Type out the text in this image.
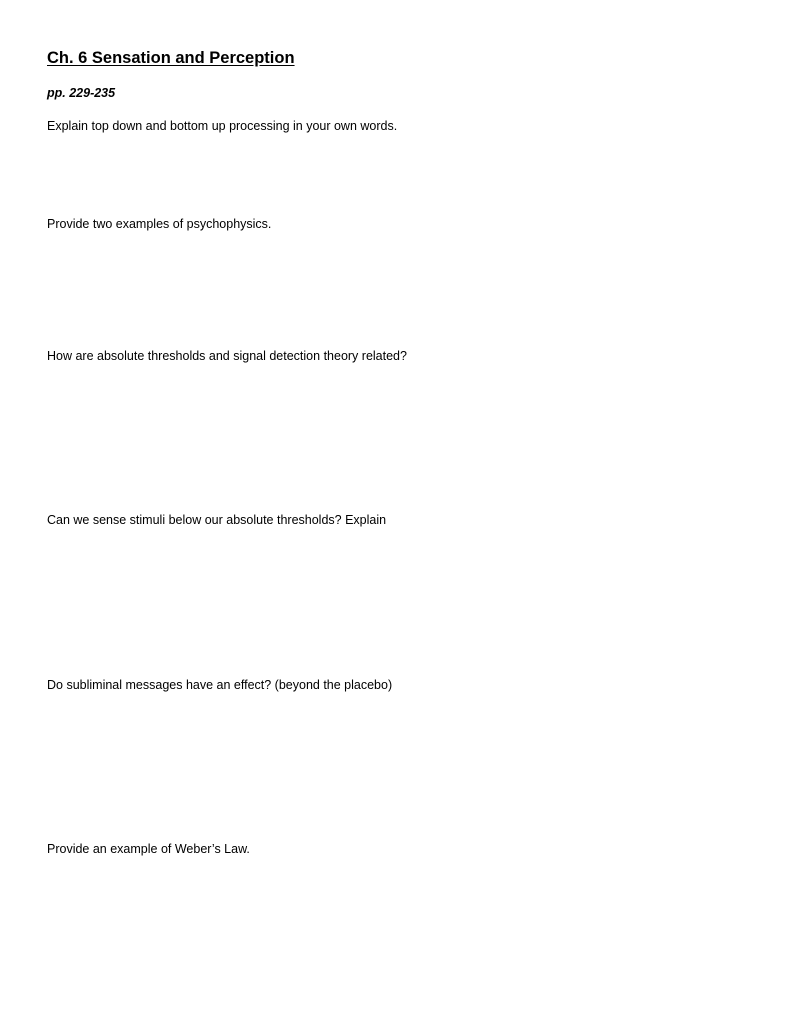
Ch. 6 Sensation and Perception
pp. 229-235

Explain top down and bottom up processing in your own words.

Provide two examples of psychophysics.

How are absolute thresholds and signal detection theory related?

Can we sense stimuli below our absolute thresholds? Explain

Do subliminal messages have an effect? (beyond the placebo)

Provide an example of Weber’s Law.
